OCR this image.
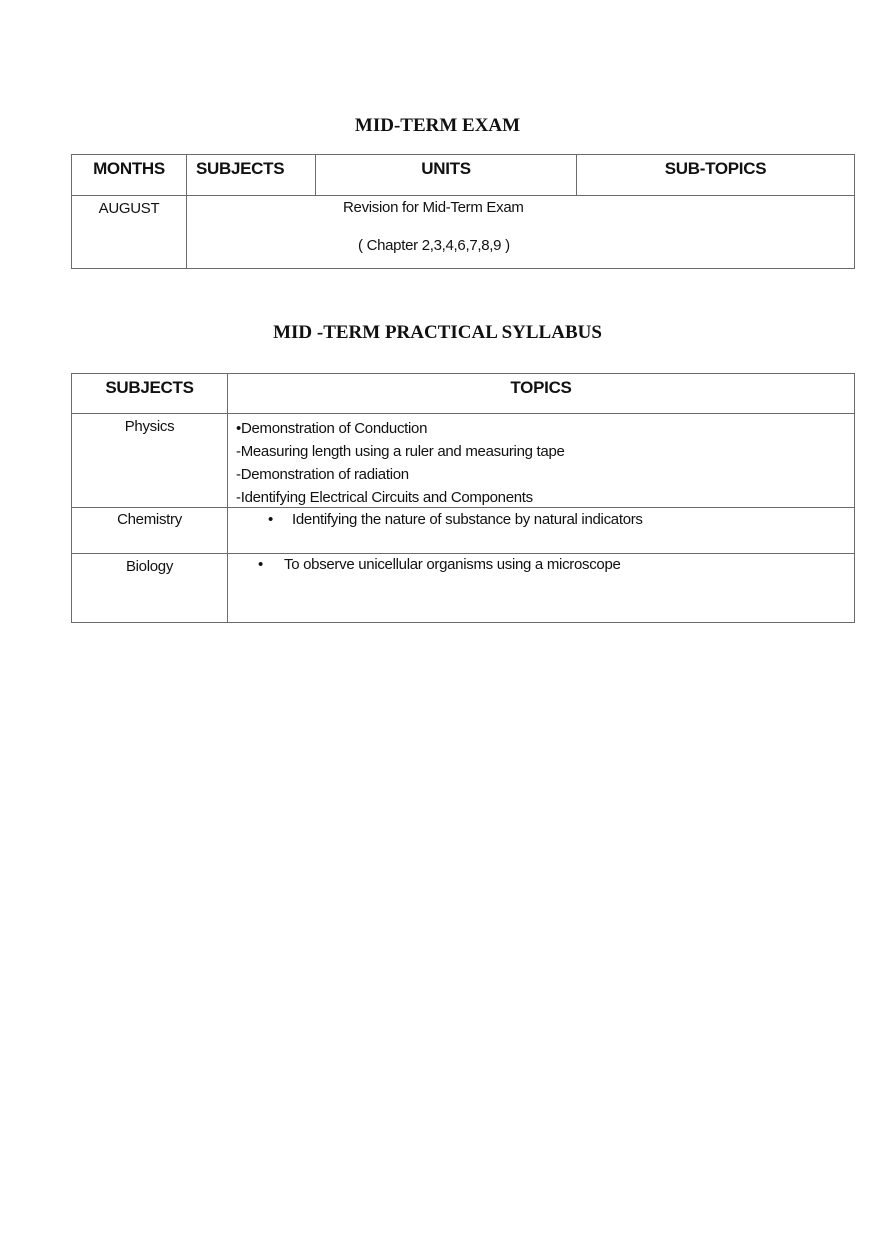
MID-TERM EXAM
MONTHS	SUBJECTS	UNITS	SUB-TOPICS
AUGUST	Revision for Mid-Term Exam
( Chapter 2,3,4,6,7,8,9 )
MID -TERM PRACTICAL SYLLABUS
SUBJECTS	TOPICS
Physics	•Demonstration of Conduction
-Measuring length using a ruler and measuring tape
-Demonstration of radiation
-Identifying Electrical Circuits and Components
Chemistry	• Identifying the nature of substance by natural indicators
Biology	• To observe unicellular organisms using a microscope
